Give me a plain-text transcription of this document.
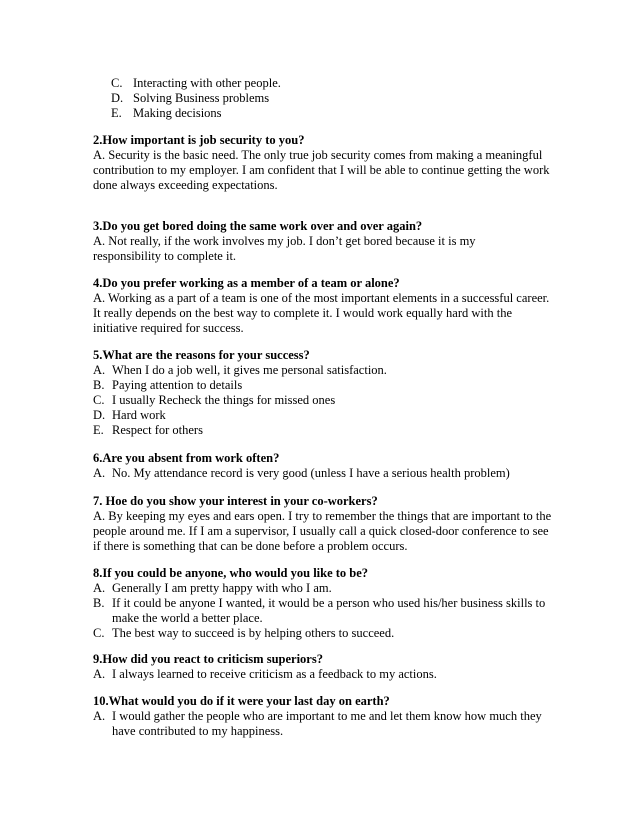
C. Interacting with other people.
D. Solving Business problems
E. Making decisions
2.How important is job security to you?
A. Security is the basic need. The only true job security comes from making a meaningful contribution to my employer. I am confident that I will be able to continue getting the work done always exceeding expectations.
3.Do you get bored doing the same work over and over again?
A. Not really, if the work involves my job. I don’t get bored because it is my responsibility to complete it.
4.Do you prefer working as a member of a team or alone?
A. Working as a part of a team is one of the most important elements in a successful career. It really depends on the best way to complete it. I would work equally hard with the initiative required for success.
5.What are the reasons for your success?
A. When I do a job well, it gives me personal satisfaction.
B. Paying attention to details
C. I usually Recheck the things for missed ones
D. Hard work
E. Respect for others
6.Are you absent from work often?
A. No. My attendance record is very good (unless I have a serious health problem)
7. Hoe do you show your interest in your co-workers?
A. By keeping my eyes and ears open. I try to remember the things that are important to the people around me. If I am a supervisor, I usually call a quick closed-door conference to see if there is something that can be done before a problem occurs.
8.If you could be anyone, who would you like to be?
A. Generally I am pretty happy with who I am.
B. If it could be anyone I wanted, it would be a person who used his/her business skills to make the world a better place.
C. The best way to succeed is by helping others to succeed.
9.How did you react to criticism superiors?
A. I always learned to receive criticism as a feedback to my actions.
10.What would you do if it were your last day on earth?
A. I would gather the people who are important to me and let them know how much they have contributed to my happiness.
